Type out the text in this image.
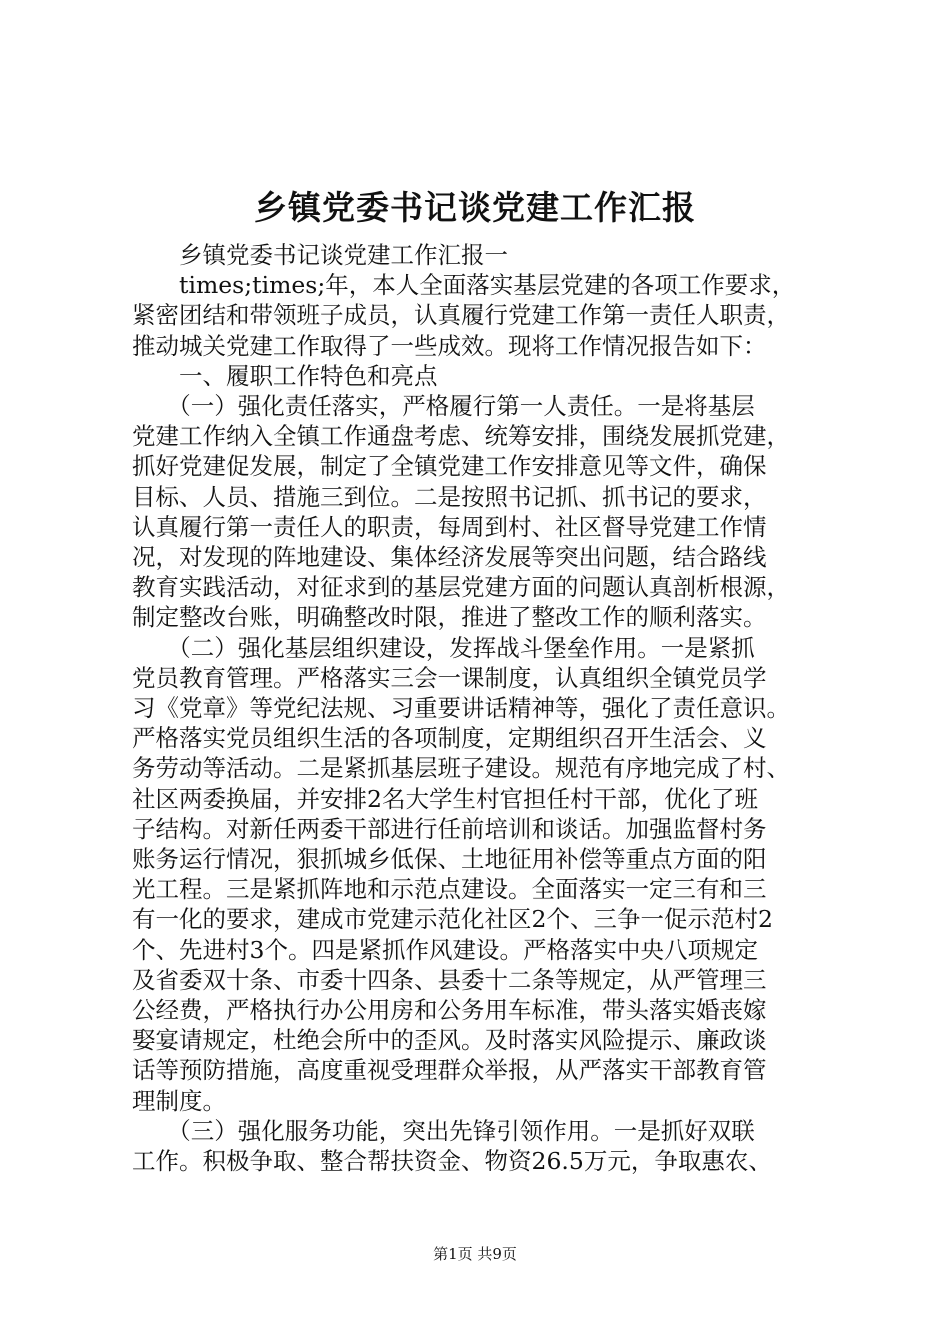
乡镇党委书记谈党建工作汇报
　　乡镇党委书记谈党建工作汇报一
　　times;times;年，本人全面落实基层党建的各项工作要求，
紧密团结和带领班子成员，认真履行党建工作第一责任人职责，
推动城关党建工作取得了一些成效。现将工作情况报告如下：
　　一、履职工作特色和亮点
　　（一）强化责任落实，严格履行第一人责任。一是将基层
党建工作纳入全镇工作通盘考虑、统筹安排，围绕发展抓党建，
抓好党建促发展，制定了全镇党建工作安排意见等文件，确保
目标、人员、措施三到位。二是按照书记抓、抓书记的要求，
认真履行第一责任人的职责，每周到村、社区督导党建工作情
况，对发现的阵地建设、集体经济发展等突出问题，结合路线
教育实践活动，对征求到的基层党建方面的问题认真剖析根源，
制定整改台账，明确整改时限，推进了整改工作的顺利落实。
　　（二）强化基层组织建设，发挥战斗堡垒作用。一是紧抓
党员教育管理。严格落实三会一课制度，认真组织全镇党员学
习《党章》等党纪法规、习重要讲话精神等，强化了责任意识。
严格落实党员组织生活的各项制度，定期组织召开生活会、义
务劳动等活动。二是紧抓基层班子建设。规范有序地完成了村、
社区两委换届，并安排2名大学生村官担任村干部，优化了班
子结构。对新任两委干部进行任前培训和谈话。加强监督村务
账务运行情况，狠抓城乡低保、土地征用补偿等重点方面的阳
光工程。三是紧抓阵地和示范点建设。全面落实一定三有和三
有一化的要求，建成市党建示范化社区2个、三争一促示范村2
个、先进村3个。四是紧抓作风建设。严格落实中央八项规定
及省委双十条、市委十四条、县委十二条等规定，从严管理三
公经费，严格执行办公用房和公务用车标准，带头落实婚丧嫁
娶宴请规定，杜绝会所中的歪风。及时落实风险提示、廉政谈
话等预防措施，高度重视受理群众举报，从严落实干部教育管
理制度。
　　（三）强化服务功能，突出先锋引领作用。一是抓好双联
工作。积极争取、整合帮扶资金、物资26.5万元，争取惠农、
第1页 共9页
